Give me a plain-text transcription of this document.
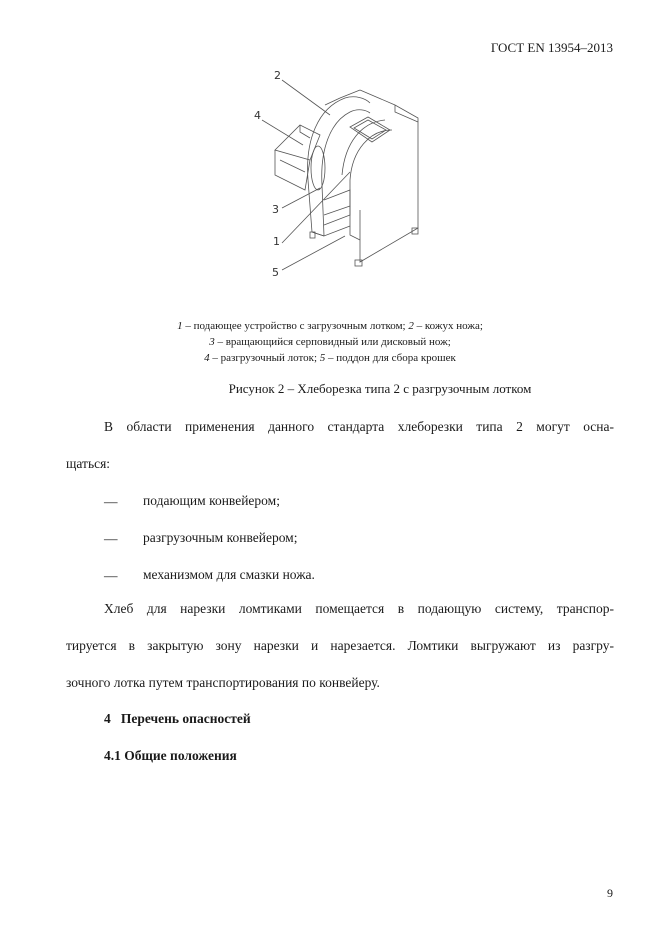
ГОСТ EN 13954–2013
2
4
3
1
5
1 – подающее устройство с загрузочным лотком; 2 – кожух ножа;
3 – вращающийся серповидный или дисковый нож;
4 – разгрузочный лоток; 5 – поддон для сбора крошек
Рисунок 2 – Хлеборезка типа 2 с разгрузочным лотком
В области применения данного стандарта хлеборезки типа 2 могут осна-
щаться:
— подающим конвейером;
— разгрузочным конвейером;
— механизмом для смазки ножа.
Хлеб для нарезки ломтиками помещается в подающую систему, транспор-
тируется в закрытую зону нарезки и нарезается. Ломтики выгружают из разгру-
зочного лотка путем транспортирования по конвейеру.
4   Перечень опасностей
4.1 Общие положения
9
